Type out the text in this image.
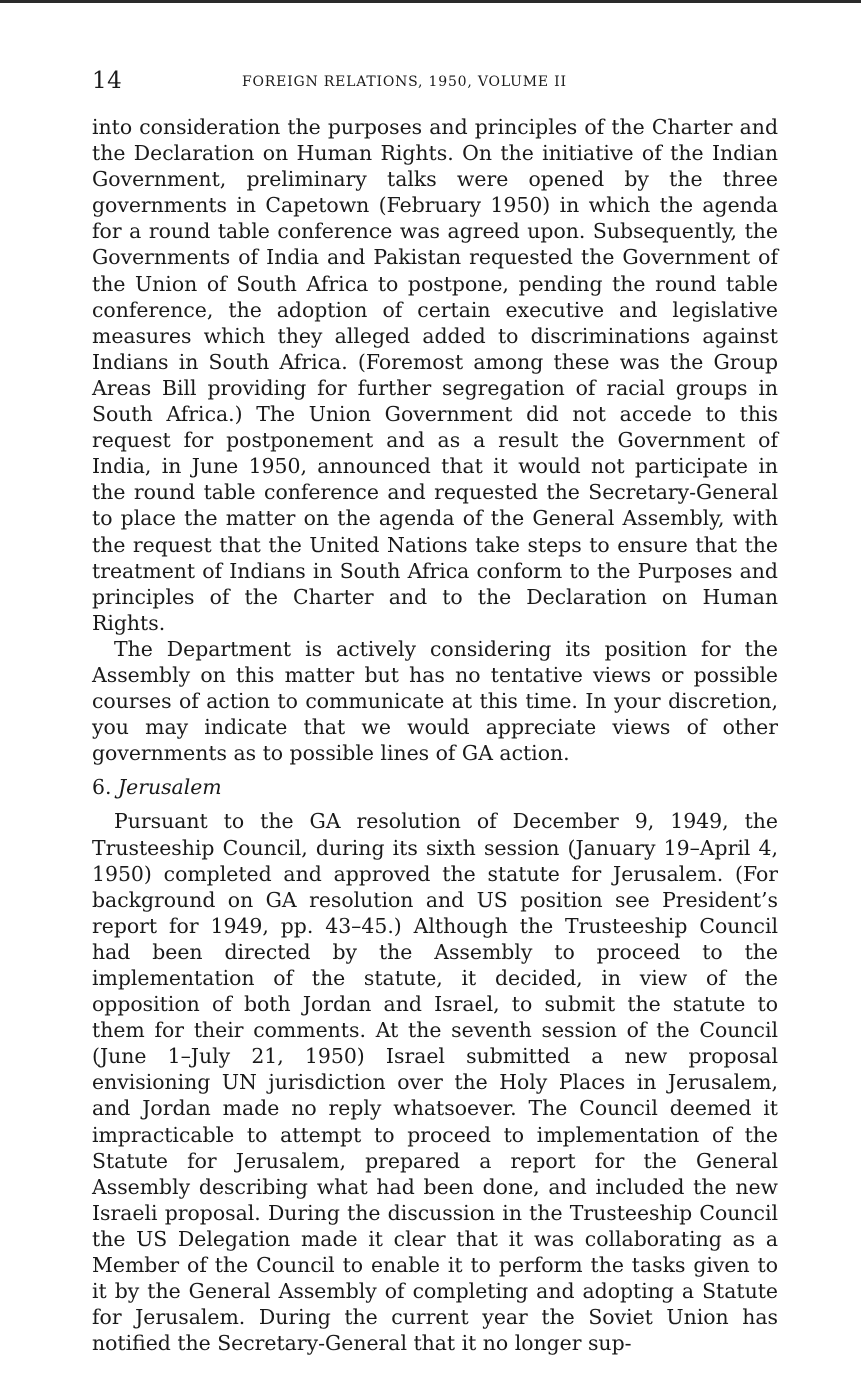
14	FOREIGN RELATIONS, 1950, VOLUME II

into consideration the purposes and principles of the Charter and the Declaration on Human Rights. On the initiative of the Indian Government, preliminary talks were opened by the three governments in Capetown (February 1950) in which the agenda for a round table conference was agreed upon. Subsequently, the Governments of India and Pakistan requested the Government of the Union of South Africa to postpone, pending the round table conference, the adoption of certain executive and legislative measures which they alleged added to discriminations against Indians in South Africa. (Foremost among these was the Group Areas Bill providing for further segregation of racial groups in South Africa.) The Union Government did not accede to this request for postponement and as a result the Government of India, in June 1950, announced that it would not participate in the round table conference and requested the Secretary-General to place the matter on the agenda of the General Assembly, with the request that the United Nations take steps to ensure that the treatment of Indians in South Africa conform to the Purposes and principles of the Charter and to the Declaration on Human Rights.

The Department is actively considering its position for the Assembly on this matter but has no tentative views or possible courses of action to communicate at this time. In your discretion, you may indicate that we would appreciate views of other governments as to possible lines of GA action.

6. Jerusalem

Pursuant to the GA resolution of December 9, 1949, the Trusteeship Council, during its sixth session (January 19–April 4, 1950) completed and approved the statute for Jerusalem. (For background on GA resolution and US position see President’s report for 1949, pp. 43–45.) Although the Trusteeship Council had been directed by the Assembly to proceed to the implementation of the statute, it decided, in view of the opposition of both Jordan and Israel, to submit the statute to them for their comments. At the seventh session of the Council (June 1–July 21, 1950) Israel submitted a new proposal envisioning UN jurisdiction over the Holy Places in Jerusalem, and Jordan made no reply whatsoever. The Council deemed it impracticable to attempt to proceed to implementation of the Statute for Jerusalem, prepared a report for the General Assembly describing what had been done, and included the new Israeli proposal. During the discussion in the Trusteeship Council the US Delegation made it clear that it was collaborating as a Member of the Council to enable it to perform the tasks given to it by the General Assembly of completing and adopting a Statute for Jerusalem. During the current year the Soviet Union has notified the Secretary-General that it no longer sup-
